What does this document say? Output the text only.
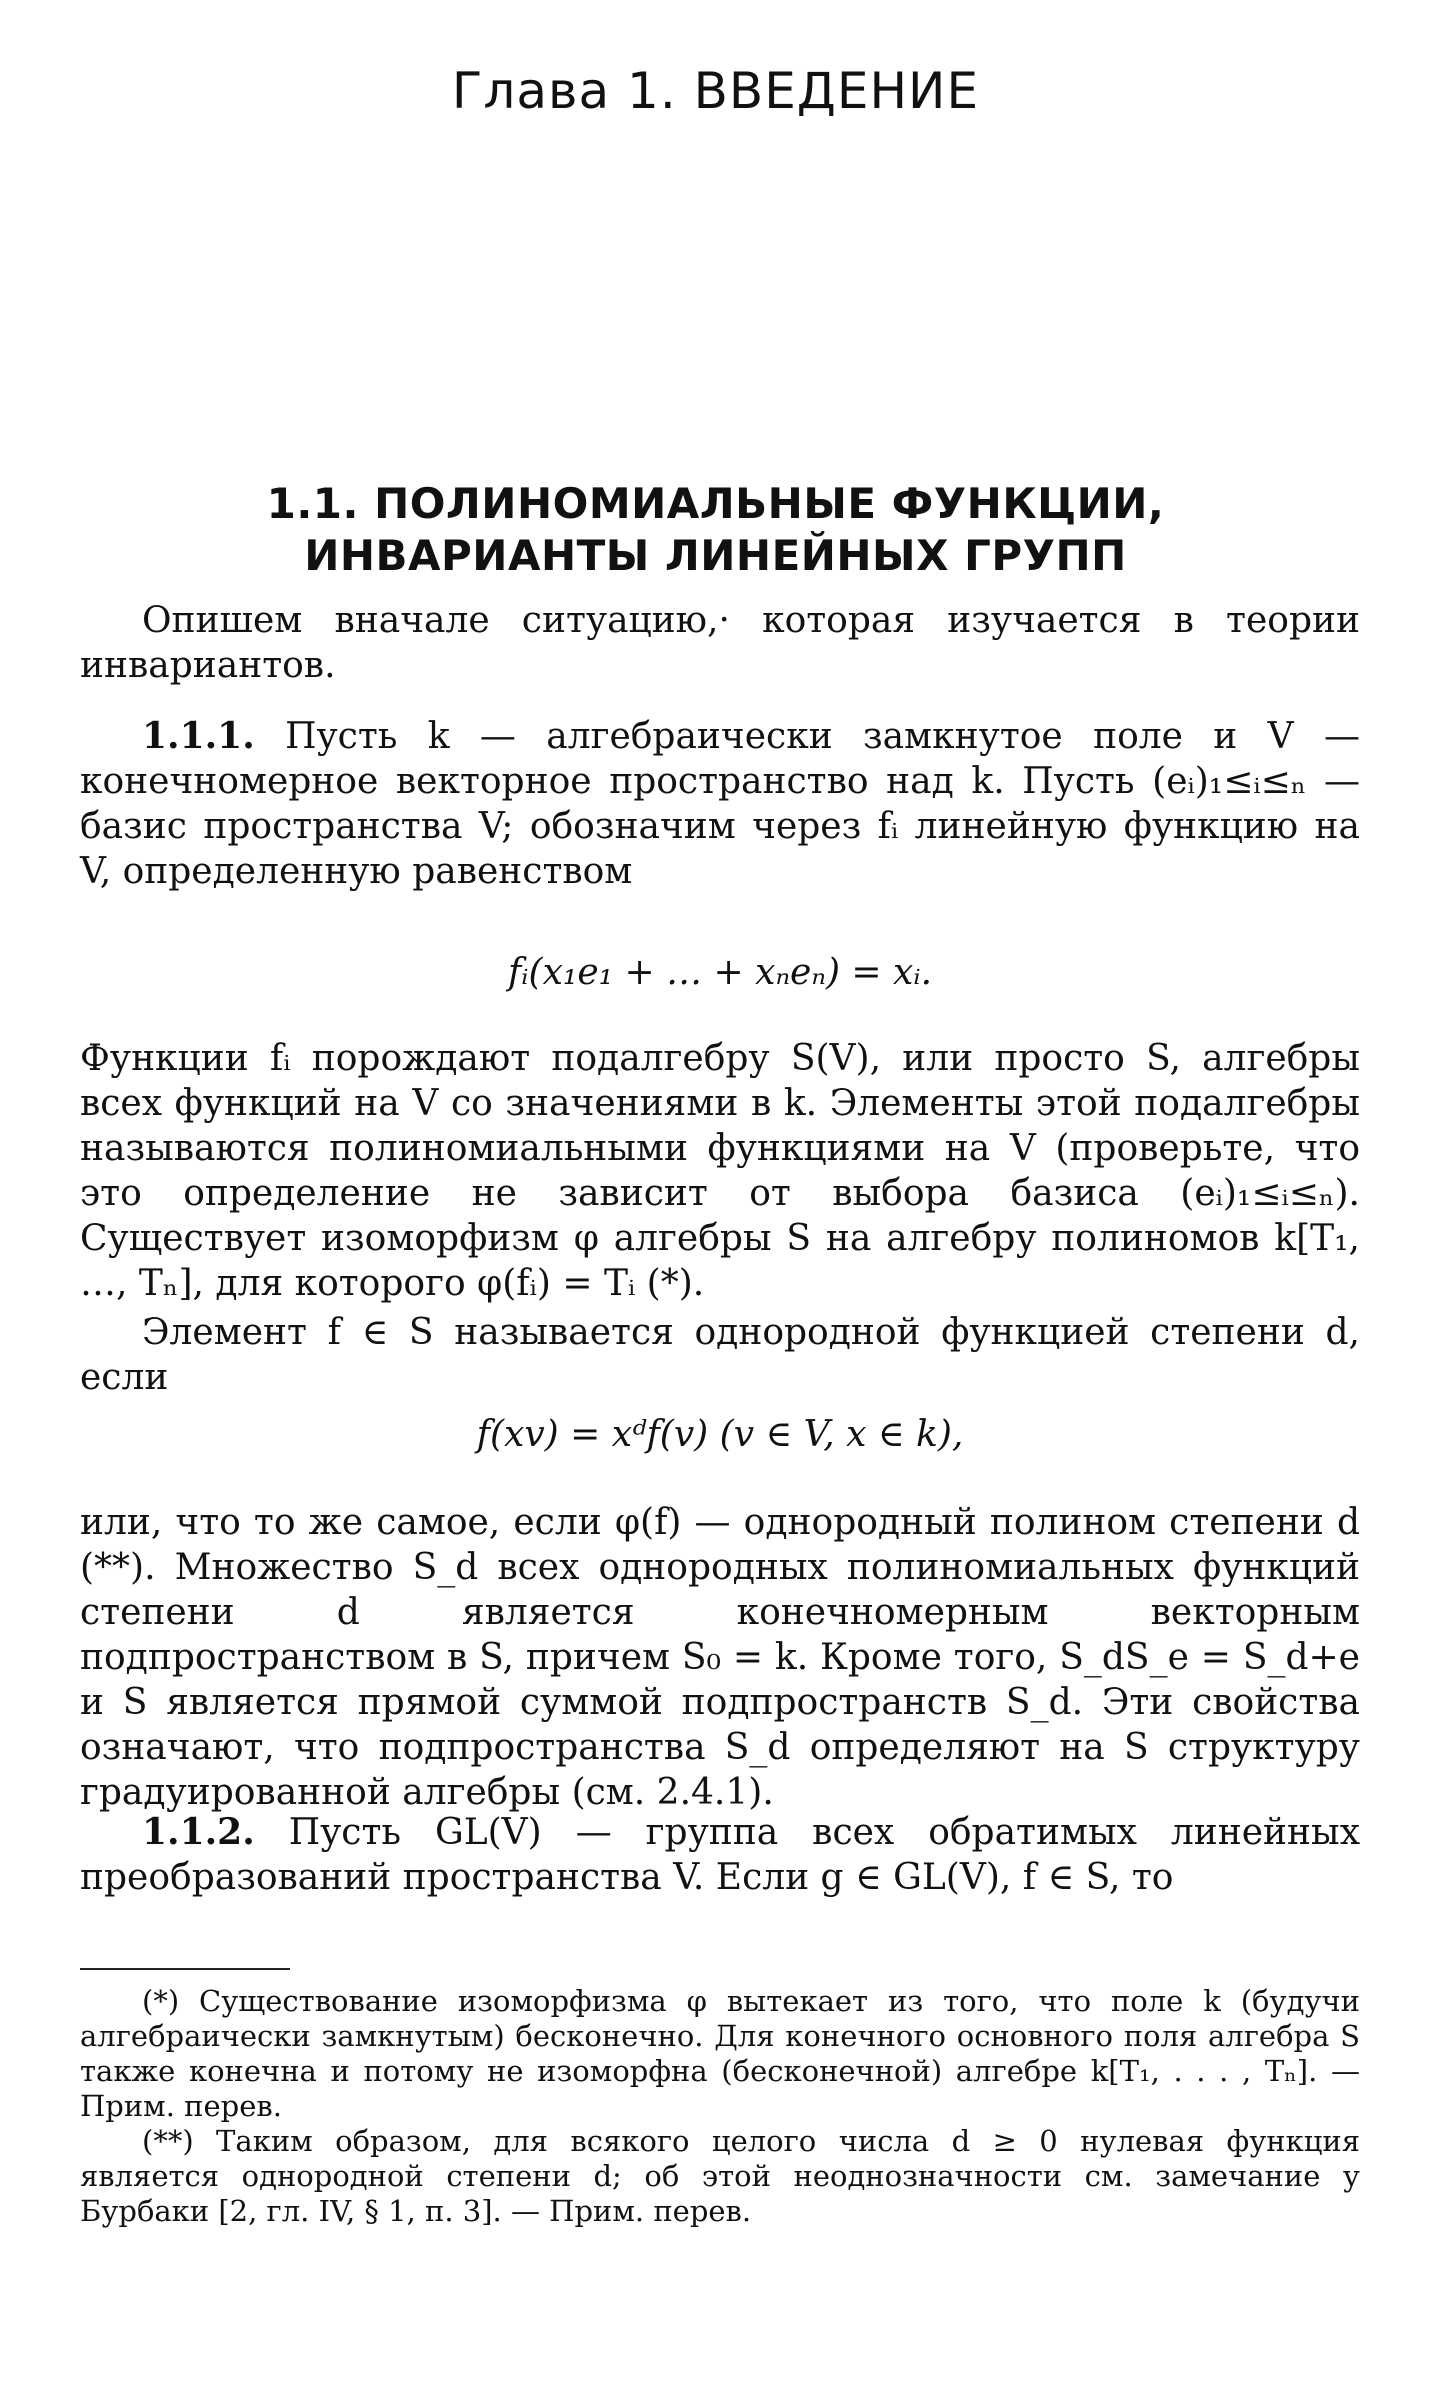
Глава 1. ВВЕДЕНИЕ
1.1. ПОЛИНОМИАЛЬНЫЕ ФУНКЦИИ,
ИНВАРИАНТЫ ЛИНЕЙНЫХ ГРУПП

Опишем вначале ситуацию,· которая изучается в теории инвариантов.

1.1.1. Пусть k — алгебраически замкнутое поле и V — конечномерное векторное пространство над k. Пусть (eᵢ)₁≤ᵢ≤ₙ — базис пространства V; обозначим через fᵢ линейную функцию на V, определенную равенством

fᵢ(x₁e₁ + … + xₙeₙ) = xᵢ.

Функции fᵢ порождают подалгебру S(V), или просто S, алгебры всех функций на V со значениями в k. Элементы этой подалгебры называются полиномиальными функциями на V (проверьте, что это определение не зависит от выбора базиса (eᵢ)₁≤ᵢ≤ₙ). Существует изоморфизм φ алгебры S на алгебру полиномов k[T₁, …, Tₙ], для которого φ(fᵢ) = Tᵢ (*).

Элемент f ∈ S называется однородной функцией степени d, если

f(xv) = xᵈf(v) (v ∈ V, x ∈ k),

или, что то же самое, если φ(f) — однородный полином степени d (**). Множество S_d всех однородных полиномиальных функций степени d является конечномерным векторным подпространством в S, причем S₀ = k. Кроме того, S_dS_e = S_d+e и S является прямой суммой подпространств S_d. Эти свойства означают, что подпространства S_d определяют на S структуру градуированной алгебры (см. 2.4.1).

1.1.2. Пусть GL(V) — группа всех обратимых линейных преобразований пространства V. Если g ∈ GL(V), f ∈ S, то

(*) Существование изоморфизма φ вытекает из того, что поле k (будучи алгебраически замкнутым) бесконечно. Для конечного основного поля алгебра S также конечна и потому не изоморфна (бесконечной) алгебре k[T₁, . . . , Tₙ]. — Прим. перев.

(**) Таким образом, для всякого целого числа d ≥ 0 нулевая функция является однородной степени d; об этой неоднозначности см. замечание у Бурбаки [2, гл. IV, § 1, п. 3]. — Прим. перев.
